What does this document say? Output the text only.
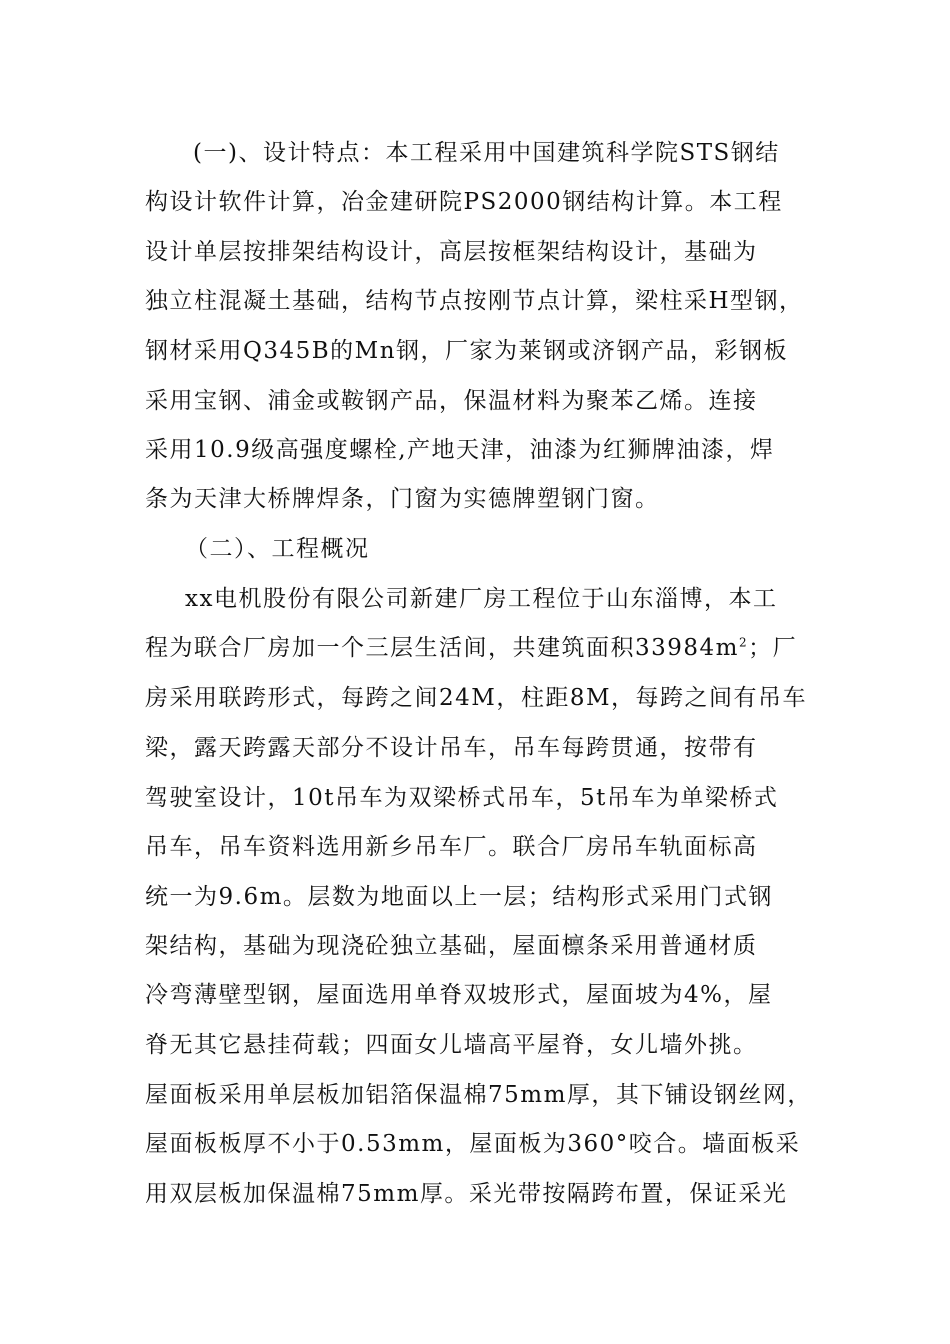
(一)、设计特点：本工程采用中国建筑科学院STS钢结
构设计软件计算，冶金建研院PS2000钢结构计算。本工程
设计单层按排架结构设计，高层按框架结构设计，基础为
独立柱混凝土基础，结构节点按刚节点计算，梁柱采H型钢，
钢材采用Q345B的Mn钢，厂家为莱钢或济钢产品，彩钢板
采用宝钢、浦金或鞍钢产品，保温材料为聚苯乙烯。连接
采用10.9级高强度螺栓,产地天津，油漆为红狮牌油漆，焊
条为天津大桥牌焊条，门窗为实德牌塑钢门窗。
（二）、工程概况
xx电机股份有限公司新建厂房工程位于山东淄博，本工
程为联合厂房加一个三层生活间，共建筑面积$33984m^2$；厂
房采用联跨形式，每跨之间24M，柱距8M，每跨之间有吊车
梁，露天跨露天部分不设计吊车，吊车每跨贯通，按带有
驾驶室设计，10t吊车为双梁桥式吊车，5t吊车为单梁桥式
吊车，吊车资料选用新乡吊车厂。联合厂房吊车轨面标高
统一为9.6m。层数为地面以上一层；结构形式采用门式钢
架结构，基础为现浇砼独立基础，屋面檩条采用普通材质
冷弯薄壁型钢，屋面选用单脊双坡形式，屋面坡为4%，屋
脊无其它悬挂荷载；四面女儿墙高平屋脊，女儿墙外挑。
屋面板采用单层板加铝箔保温棉75mm厚，其下铺设钢丝网，
屋面板板厚不小于0.53mm，屋面板为360°咬合。墙面板采
用双层板加保温棉75mm厚。采光带按隔跨布置，保证采光
